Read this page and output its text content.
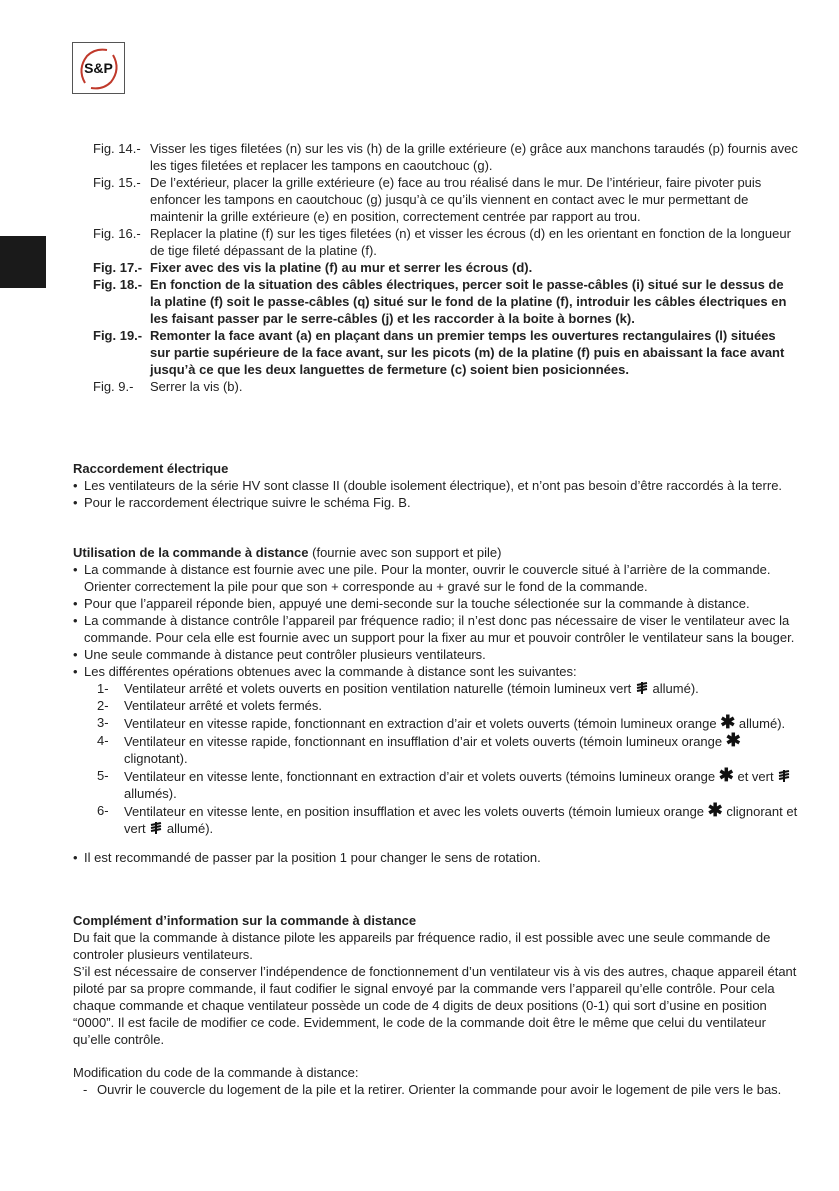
S&P
Fig. 14.- Visser les tiges filetées (n) sur les vis (h) de la grille extérieure (e) grâce aux manchons taraudés (p) fournis avec les tiges filetées et replacer les tampons en caoutchouc (g).
Fig. 15.- De l’extérieur, placer la grille extérieure (e) face au trou réalisé dans le mur. De l’intérieur, faire pivoter puis enfoncer les tampons en caoutchouc (g) jusqu’à ce qu’ils viennent en contact avec le mur permettant de maintenir la grille extérieure (e) en position, correctement centrée par rapport au trou.
Fig. 16.- Replacer la platine (f) sur les tiges filetées (n) et visser les écrous (d) en les orientant en fonction de la longueur de tige fileté dépassant de la platine (f).
Fig. 17.- Fixer avec des vis la platine (f) au mur et serrer les écrous (d).
Fig. 18.- En fonction de la situation des câbles électriques, percer soit le passe-câbles (i) situé sur le dessus de la platine (f) soit le passe-câbles (q) situé sur le fond de la platine (f), introduir les câbles électriques en les faisant passer par le serre-câbles (j) et les raccorder à la boite à bornes (k).
Fig. 19.- Remonter la face avant (a) en plaçant dans un premier temps les ouvertures rectangulaires (l) situées sur partie supérieure de la face avant, sur les picots (m) de la platine (f) puis en abaissant la face avant jusqu’à ce que les deux languettes de fermeture (c) soient bien posicionnées.
Fig. 9.-	Serrer la vis (b).
Raccordement électrique
• Les ventilateurs de la série HV sont classe II (double isolement électrique), et n’ont pas besoin d’être raccordés à la terre.
• Pour le raccordement électrique suivre le schéma Fig. B.
Utilisation de la commande à distance (fournie avec son support et pile)
• La commande à distance est fournie avec une pile. Pour la monter, ouvrir le couvercle situé à l’arrière de la commande. Orienter correctement la pile pour que son + corresponde au + gravé sur le fond de la commande.
• Pour que l’appareil réponde bien, appuyé une demi-seconde sur la touche sélectionée sur la commande à distance.
• La commande à distance contrôle l’appareil par fréquence radio; il n’est donc pas nécessaire de viser le ventilateur avec la commande. Pour cela elle est fournie avec un support pour la fixer au mur et pouvoir contrôler le ventilateur sans la bouger.
• Une seule commande à distance peut contrôler plusieurs ventilateurs.
• Les différentes opérations obtenues avec la commande à distance sont les suivantes:
1-	Ventilateur arrêté et volets ouverts en position ventilation naturelle (témoin lumineux vert allumé).
2-	Ventilateur arrêté et volets fermés.
3-	Ventilateur en vitesse rapide, fonctionnant en extraction d’air et volets ouverts (témoin lumineux orange ✱ allumé).
4-	Ventilateur en vitesse rapide, fonctionnant en insufflation d’air et volets ouverts (témoin lumineux orange ✱ clignotant).
5-	Ventilateur en vitesse lente, fonctionnant en extraction d’air et volets ouverts (témoins lumineux orange ✱ et vert  allumés).
6-	Ventilateur en vitesse lente, en position insufflation et avec les volets ouverts (témoin lumieux orange ✱ clignorant et vert allumé).
• Il est recommandé de passer par la position 1 pour changer le sens de rotation.
Complément d’information sur la commande à distance
Du fait que la commande à distance pilote les appareils par fréquence radio, il est possible avec une seule commande de controler plusieurs ventilateurs.
S’il est nécessaire de conserver l’indépendence de fonctionnement d’un ventilateur vis à vis des autres, chaque appareil étant piloté par sa propre commande, il faut codifier le signal envoyé par la commande vers l’appareil qu’elle contrôle. Pour cela chaque commande et chaque ventilateur possède un code de 4 digits de deux positions (0-1) qui sort d’usine en position “0000”. Il est facile de modifier ce code. Evidemment, le code de la commande doit être le même que celui du ventilateur qu’elle contrôle.
Modification du code de la commande à distance:
- Ouvrir le couvercle du logement de la pile et la retirer. Orienter la commande pour avoir le logement de pile vers le bas.
